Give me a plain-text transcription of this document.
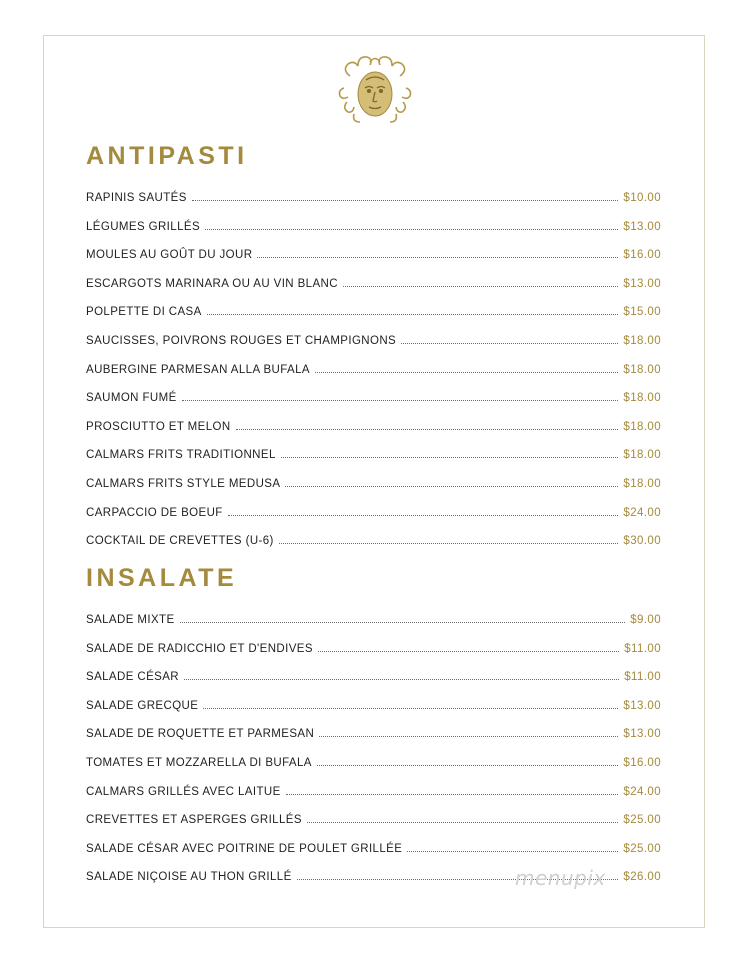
ANTIPASTI
RAPINIS SAUTÉS	$10.00
LÉGUMES GRILLÉS	$13.00
MOULES AU GOÛT DU JOUR	$16.00
ESCARGOTS MARINARA OU AU VIN BLANC	$13.00
POLPETTE DI CASA	$15.00
SAUCISSES, POIVRONS ROUGES ET CHAMPIGNONS	$18.00
AUBERGINE PARMESAN ALLA BUFALA	$18.00
SAUMON FUMÉ	$18.00
PROSCIUTTO ET MELON	$18.00
CALMARS FRITS TRADITIONNEL	$18.00
CALMARS FRITS STYLE MEDUSA	$18.00
CARPACCIO DE BOEUF	$24.00
COCKTAIL DE CREVETTES (U-6)	$30.00
INSALATE
SALADE MIXTE	$9.00
SALADE DE RADICCHIO ET D'ENDIVES	$11.00
SALADE CÉSAR	$11.00
SALADE GRECQUE	$13.00
SALADE DE ROQUETTE ET PARMESAN	$13.00
TOMATES ET MOZZARELLA DI BUFALA	$16.00
CALMARS GRILLÉS AVEC LAITUE	$24.00
CREVETTES ET ASPERGES GRILLÉS	$25.00
SALADE CÉSAR AVEC POITRINE DE POULET GRILLÉE	$25.00
SALADE NIÇOISE AU THON GRILLÉ	$26.00
menupix
